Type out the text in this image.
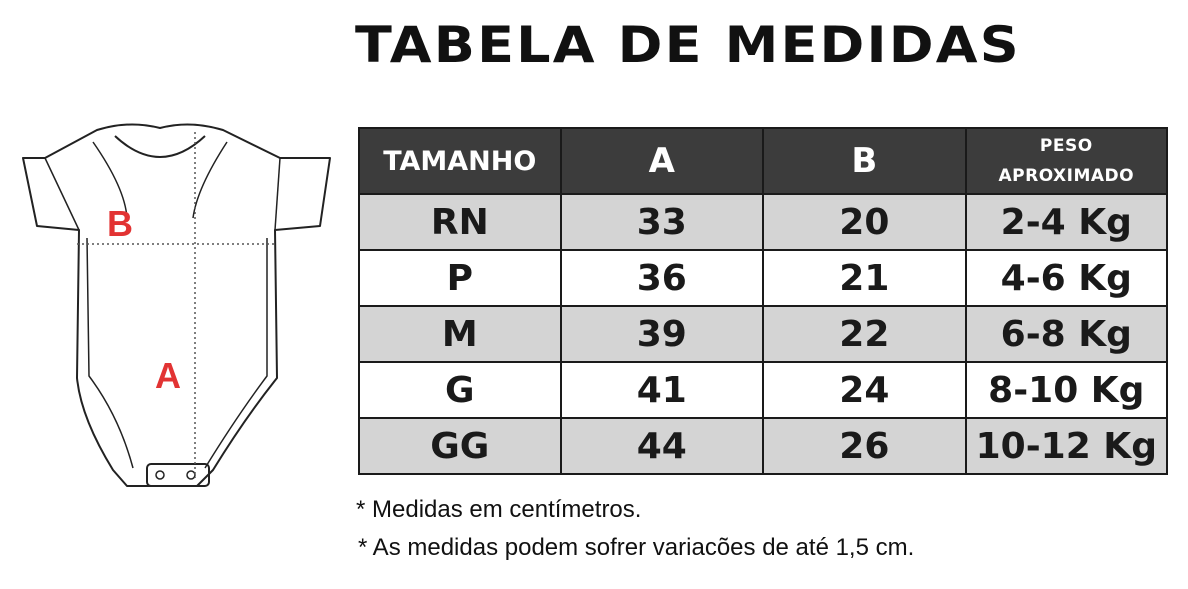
TABELA DE MEDIDAS
B
A
TAMANHO	A	B	PESO
APROXIMADO

RN	33	20	2-4 Kg
P	36	21	4-6 Kg
M	39	22	6-8 Kg
G	41	24	8-10 Kg
GG	44	26	10-12 Kg

* Medidas em centímetros.

* As medidas podem sofrer variacões de até 1,5 cm.
